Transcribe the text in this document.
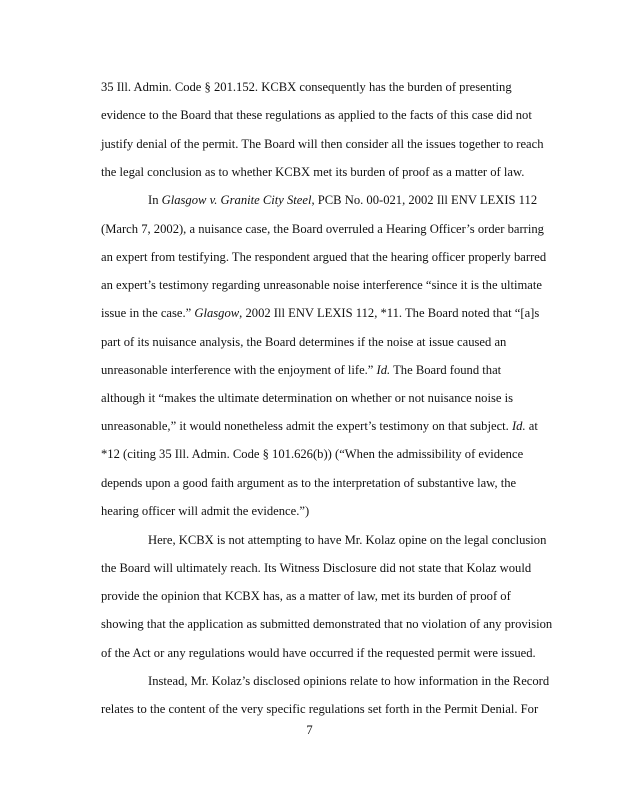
35 Ill. Admin. Code § 201.152. KCBX consequently has the burden of presenting
evidence to the Board that these regulations as applied to the facts of this case did not
justify denial of the permit. The Board will then consider all the issues together to reach
the legal conclusion as to whether KCBX met its burden of proof as a matter of law.
In Glasgow v. Granite City Steel, PCB No. 00-021, 2002 Ill ENV LEXIS 112
(March 7, 2002), a nuisance case, the Board overruled a Hearing Officer’s order barring
an expert from testifying. The respondent argued that the hearing officer properly barred
an expert’s testimony regarding unreasonable noise interference “since it is the ultimate
issue in the case.” Glasgow, 2002 Ill ENV LEXIS 112, *11. The Board noted that “[a]s
part of its nuisance analysis, the Board determines if the noise at issue caused an
unreasonable interference with the enjoyment of life.” Id. The Board found that
although it “makes the ultimate determination on whether or not nuisance noise is
unreasonable,” it would nonetheless admit the expert’s testimony on that subject. Id. at
*12 (citing 35 Ill. Admin. Code § 101.626(b)) (“When the admissibility of evidence
depends upon a good faith argument as to the interpretation of substantive law, the
hearing officer will admit the evidence.”)
Here, KCBX is not attempting to have Mr. Kolaz opine on the legal conclusion
the Board will ultimately reach. Its Witness Disclosure did not state that Kolaz would
provide the opinion that KCBX has, as a matter of law, met its burden of proof of
showing that the application as submitted demonstrated that no violation of any provision
of the Act or any regulations would have occurred if the requested permit were issued.
Instead, Mr. Kolaz’s disclosed opinions relate to how information in the Record
relates to the content of the very specific regulations set forth in the Permit Denial. For
7
